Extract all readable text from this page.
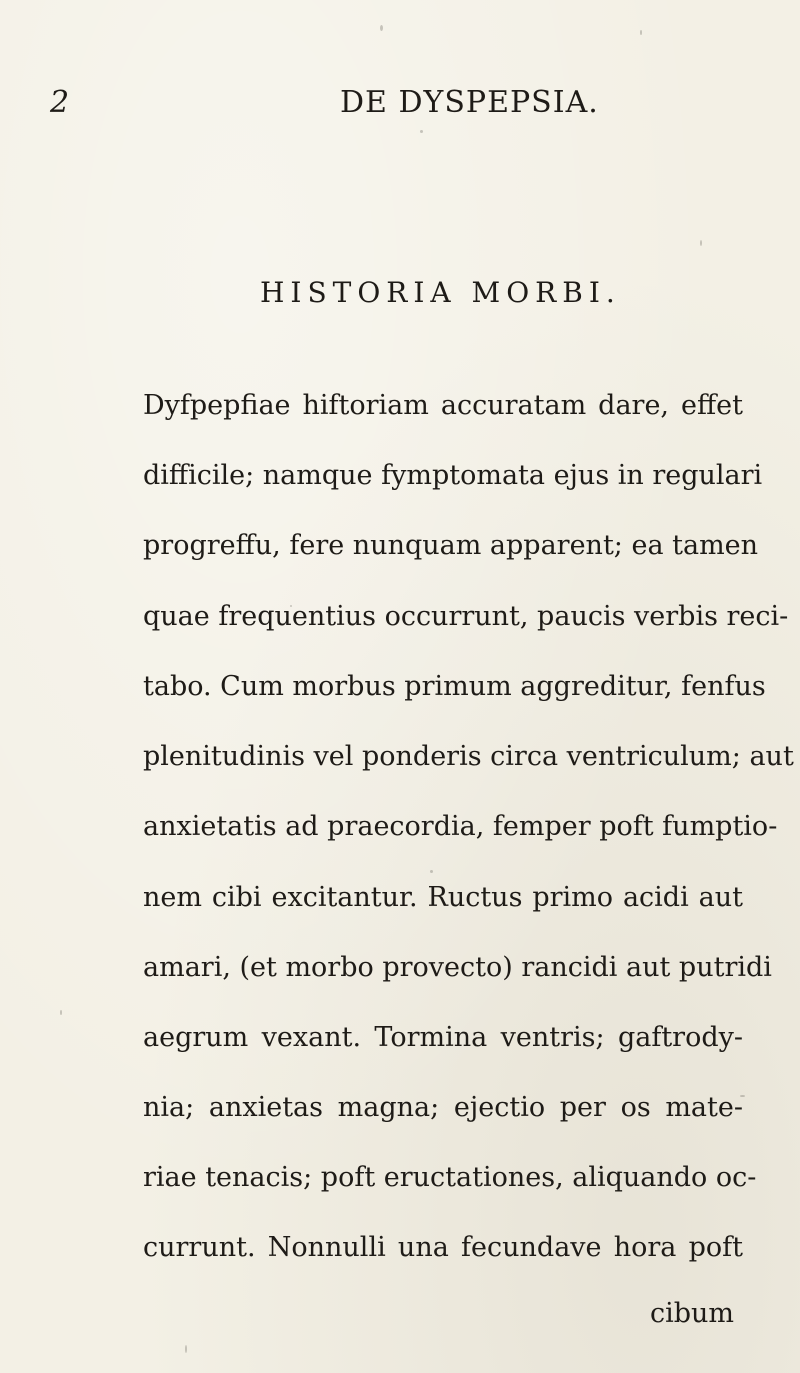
2	DE DYSPEPSIA.
HISTORIA MORBI.
Dyfpepfiae hiftoriam accuratam dare, effet
difficile; namque fymptomata ejus in regulari
progreffu, fere nunquam apparent; ea tamen
quae frequentius occurrunt, paucis verbis reci-
tabo. Cum morbus primum aggreditur, fenfus
plenitudinis vel ponderis circa ventriculum; aut
anxietatis ad praecordia, femper poft fumptio-
nem cibi excitantur. Ructus primo acidi aut
amari, (et morbo provecto) rancidi aut putridi
aegrum vexant. Tormina ventris; gaftrody-
nia; anxietas magna; ejectio per os mate-
riae tenacis; poft eructationes, aliquando oc-
currunt. Nonnulli una fecundave hora poft
cibum
